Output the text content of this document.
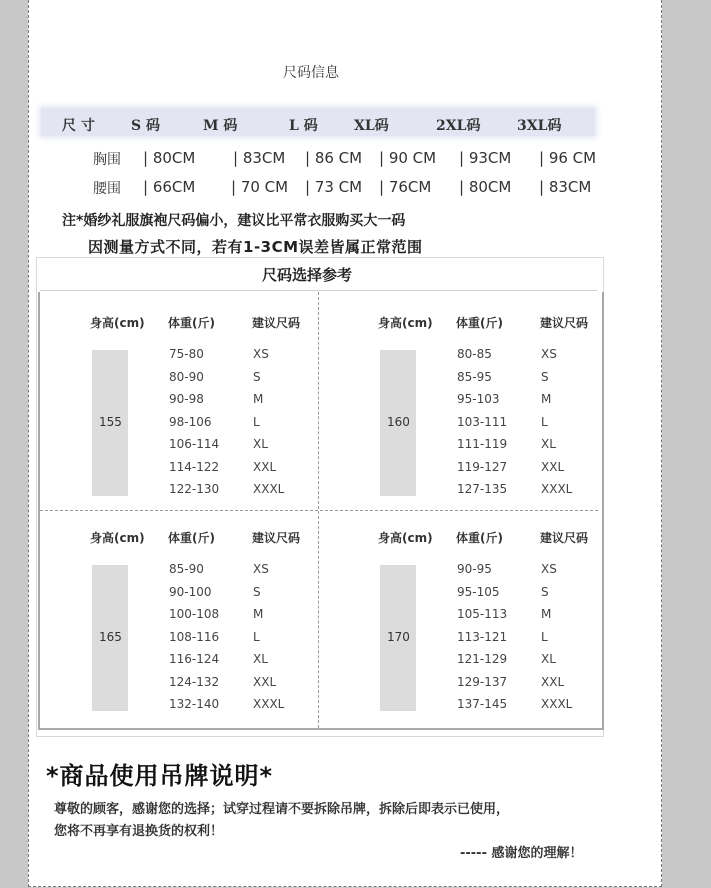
尺码信息
尺 寸	S 码	M 码	L 码	XL码	2XL码	3XL码
胸围 | 80CM	| 83CM | 86 CM | 90 CM | 93CM | 96 CM
腰围 | 66CM | 70 CM | 73 CM | 76CM | 80CM | 83CM
注*婚纱礼服旗袍尺码偏小，建议比平常衣服购买大一码
因测量方式不同，若有1-3CM误差皆属正常范围
尺码选择参考
身高(cm) 体重(斤)	建议尺码
155
75-80	XS
80-90	S
90-98	M
98-106	L
106-114	XL
114-122	XXL
122-130	XXXL
身高(cm) 体重(斤)	建议尺码
160
80-85	XS
85-95	S
95-103	M
103-111	L
111-119	XL
119-127	XXL
127-135	XXXL
身高(cm) 体重(斤)	建议尺码
165
85-90	XS
90-100	S
100-108	M
108-116	L
116-124	XL
124-132	XXL
132-140	XXXL
身高(cm) 体重(斤)	建议尺码
170
90-95	XS
95-105	S
105-113	M
113-121	L
121-129	XL
129-137	XXL
137-145	XXXL
*商品使用吊牌说明*
尊敬的顾客，感谢您的选择；试穿过程请不要拆除吊牌，拆除后即表示已使用，
您将不再享有退换货的权利！
----- 感谢您的理解！
